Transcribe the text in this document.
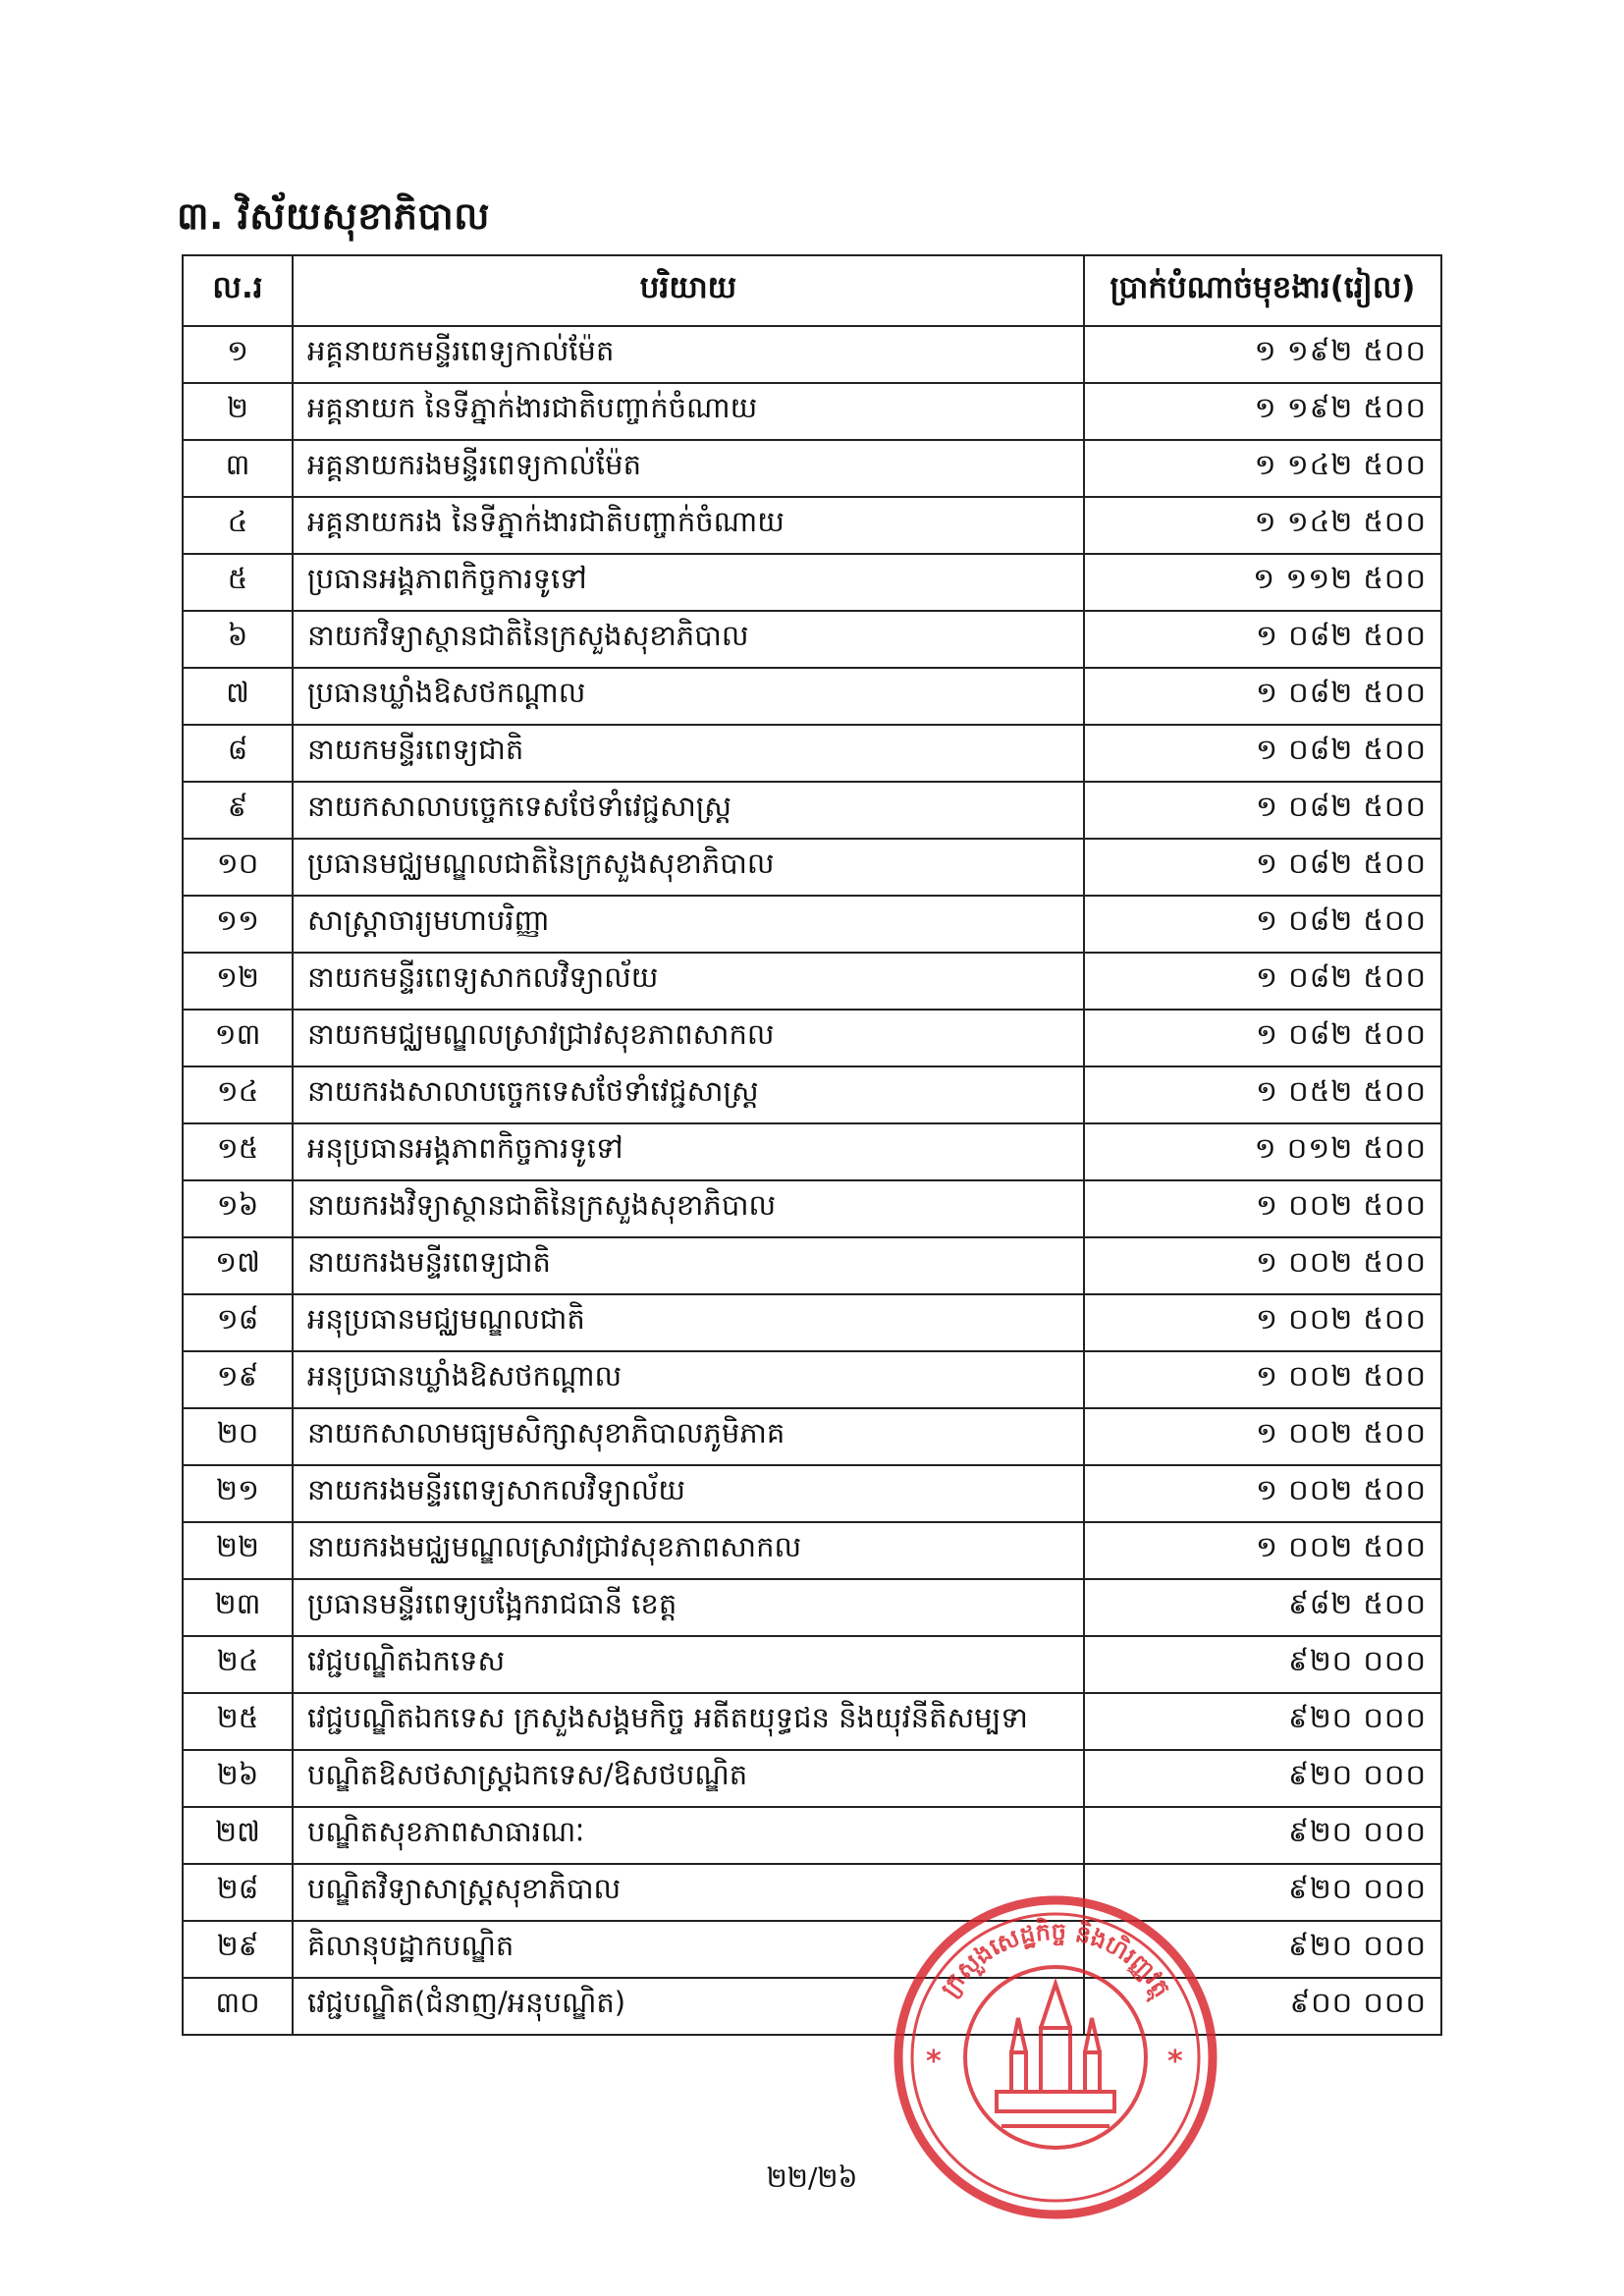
៣. វិស័យសុខាភិបាល
ល.រ	បរិយាយ	ប្រាក់បំណាច់មុខងារ(រៀល)
១	អគ្គនាយកមន្ទីរពេទ្យកាល់ម៉ែត	១ ១៩២ ៥០០
២	អគ្គនាយក នៃទីភ្នាក់ងារជាតិបញ្ចាក់ចំណាយ	១ ១៩២ ៥០០
៣	អគ្គនាយករងមន្ទីរពេទ្យកាល់ម៉ែត	១ ១៤២ ៥០០
៤	អគ្គនាយករង នៃទីភ្នាក់ងារជាតិបញ្ចាក់ចំណាយ	១ ១៤២ ៥០០
៥	ប្រធានអង្គភាពកិច្ចការទូទៅ	១ ១១២ ៥០០
៦	នាយកវិទ្យាស្ថានជាតិនៃក្រសួងសុខាភិបាល	១ ០៨២ ៥០០
៧	ប្រធានឃ្លាំងឱសថកណ្តាល	១ ០៨២ ៥០០
៨	នាយកមន្ទីរពេទ្យជាតិ	១ ០៨២ ៥០០
៩	នាយកសាលាបច្ចេកទេសថែទាំវេជ្ជសាស្ត្រ	១ ០៨២ ៥០០
១០	ប្រធានមជ្ឈមណ្ឌលជាតិនៃក្រសួងសុខាភិបាល	១ ០៨២ ៥០០
១១	សាស្ត្រាចារ្យមហាបរិញ្ញា	១ ០៨២ ៥០០
១២	នាយកមន្ទីរពេទ្យសាកលវិទ្យាល័យ	១ ០៨២ ៥០០
១៣	នាយកមជ្ឈមណ្ឌលស្រាវជ្រាវសុខភាពសាកល	១ ០៨២ ៥០០
១៤	នាយករងសាលាបច្ចេកទេសថែទាំវេជ្ជសាស្ត្រ	១ ០៥២ ៥០០
១៥	អនុប្រធានអង្គភាពកិច្ចការទូទៅ	១ ០១២ ៥០០
១៦	នាយករងវិទ្យាស្ថានជាតិនៃក្រសួងសុខាភិបាល	១ ០០២ ៥០០
១៧	នាយករងមន្ទីរពេទ្យជាតិ	១ ០០២ ៥០០
១៨	អនុប្រធានមជ្ឈមណ្ឌលជាតិ	១ ០០២ ៥០០
១៩	អនុប្រធានឃ្លាំងឱសថកណ្តាល	១ ០០២ ៥០០
២០	នាយកសាលាមធ្យមសិក្សាសុខាភិបាលភូមិភាគ	១ ០០២ ៥០០
២១	នាយករងមន្ទីរពេទ្យសាកលវិទ្យាល័យ	១ ០០២ ៥០០
២២	នាយករងមជ្ឈមណ្ឌលស្រាវជ្រាវសុខភាពសាកល	១ ០០២ ៥០០
២៣	ប្រធានមន្ទីរពេទ្យបង្អែករាជធានី ខេត្ត	៩៨២ ៥០០
២៤	វេជ្ជបណ្ឌិតឯកទេស	៩២០ ០០០
២៥	វេជ្ជបណ្ឌិតឯកទេស ក្រសួងសង្គមកិច្ច អតីតយុទ្ធជន និងយុវនីតិសម្បទា	៩២០ ០០០
២៦	បណ្ឌិតឱសថសាស្ត្រឯកទេស/ឱសថបណ្ឌិត	៩២០ ០០០
២៧	បណ្ឌិតសុខភាពសាធារណៈ	៩២០ ០០០
២៨	បណ្ឌិតវិទ្យាសាស្ត្រសុខាភិបាល	៩២០ ០០០
២៩	គិលានុបដ្ឋាកបណ្ឌិត	៩២០ ០០០
៣០	វេជ្ជបណ្ឌិត(ជំនាញ/អនុបណ្ឌិត)	៩០០ ០០០
២២/២៦
ក្រសួងសេដ្ឋកិច្ច និងហិរញ្ញវត្ថុ
*	*
